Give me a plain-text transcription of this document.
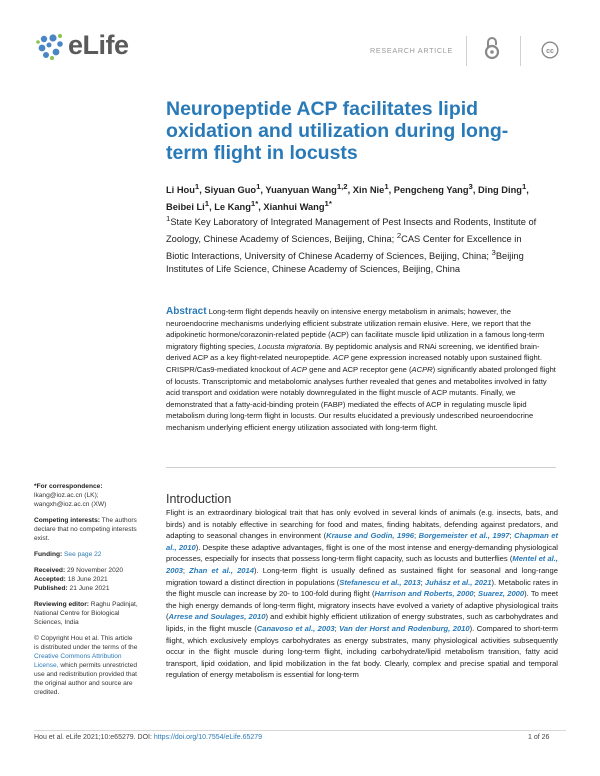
eLife	RESEARCH ARTICLE	cc
Neuropeptide ACP facilitates lipid oxidation and utilization during long-term flight in locusts
Li Hou$^1$, Siyuan Guo$^1$, Yuanyuan Wang$^{1,2}$, Xin Nie$^1$, Pengcheng Yang$^3$, Ding Ding$^1$, Beibei Li$^1$, Le Kang$^{1*}$, Xianhui Wang$^{1*}$
$^1$State Key Laboratory of Integrated Management of Pest Insects and Rodents, Institute of Zoology, Chinese Academy of Sciences, Beijing, China; $^2$CAS Center for Excellence in Biotic Interactions, University of Chinese Academy of Sciences, Beijing, China; $^3$Beijing Institutes of Life Science, Chinese Academy of Sciences, Beijing, China
Abstract Long-term flight depends heavily on intensive energy metabolism in animals; however, the neuroendocrine mechanisms underlying efficient substrate utilization remain elusive. Here, we report that the adipokinetic hormone/corazonin-related peptide (ACP) can facilitate muscle lipid utilization in a famous long-term migratory flighting species, Locusta migratoria. By peptidomic analysis and RNAi screening, we identified brain-derived ACP as a key flight-related neuropeptide. ACP gene expression increased notably upon sustained flight. CRISPR/Cas9-mediated knockout of ACP gene and ACP receptor gene (ACPR) significantly abated prolonged flight of locusts. Transcriptomic and metabolomic analyses further revealed that genes and metabolites involved in fatty acid transport and oxidation were notably downregulated in the flight muscle of ACP mutants. Finally, we demonstrated that a fatty-acid-binding protein (FABP) mediated the effects of ACP in regulating muscle lipid metabolism during long-term flight in locusts. Our results elucidated a previously undescribed neuroendocrine mechanism underlying efficient energy utilization associated with long-term flight.

*For correspondence:
lkang@ioz.ac.cn (LK);
wangxh@ioz.ac.cn (XW)

Competing interests: The authors declare that no competing interests exist.

Funding: See page 22

Received: 29 November 2020
Accepted: 18 June 2021
Published: 21 June 2021

Reviewing editor: Raghu Padinjat, National Centre for Biological Sciences, India

© Copyright Hou et al. This article is distributed under the terms of the Creative Commons Attribution License, which permits unrestricted use and redistribution provided that the original author and source are credited.

Introduction
Flight is an extraordinary biological trait that has only evolved in several kinds of animals (e.g. insects, bats, and birds) and is notably effective in searching for food and mates, finding habitats, defending against predators, and adapting to seasonal changes in environment (Krause and Godin, 1996; Borgemeister et al., 1997; Chapman et al., 2010). Despite these adaptive advantages, flight is one of the most intense and energy-demanding physiological processes, especially for insects that possess long-term flight capacity, such as locusts and butterflies (Mentel et al., 2003; Zhan et al., 2014). Long-term flight is usually defined as sustained flight for seasonal and long-range migration toward a distinct direction in populations (Stefanescu et al., 2013; Juhász et al., 2021). Metabolic rates in the flight muscle can increase by 20- to 100-fold during flight (Harrison and Roberts, 2000; Suarez, 2000). To meet the high energy demands of long-term flight, migratory insects have evolved a variety of adaptive physiological traits (Arrese and Soulages, 2010) and exhibit highly efficient utilization of energy substrates, such as carbohydrates and lipids, in the flight muscle (Canavoso et al., 2003; Van der Horst and Rodenburg, 2010). Compared to short-term flight, which exclusively employs carbohydrates as energy substrates, many physiological activities subsequently occur in the flight muscle during long-term flight, including carbohydrate/lipid metabolism transition, fatty acid transport, lipid oxidation, and lipid mobilization in the fat body. Clearly, complex and precise spatial and temporal regulation of energy metabolism is essential for long-term
Hou et al. eLife 2021;10:e65279. DOI: https://doi.org/10.7554/eLife.65279	1 of 26
